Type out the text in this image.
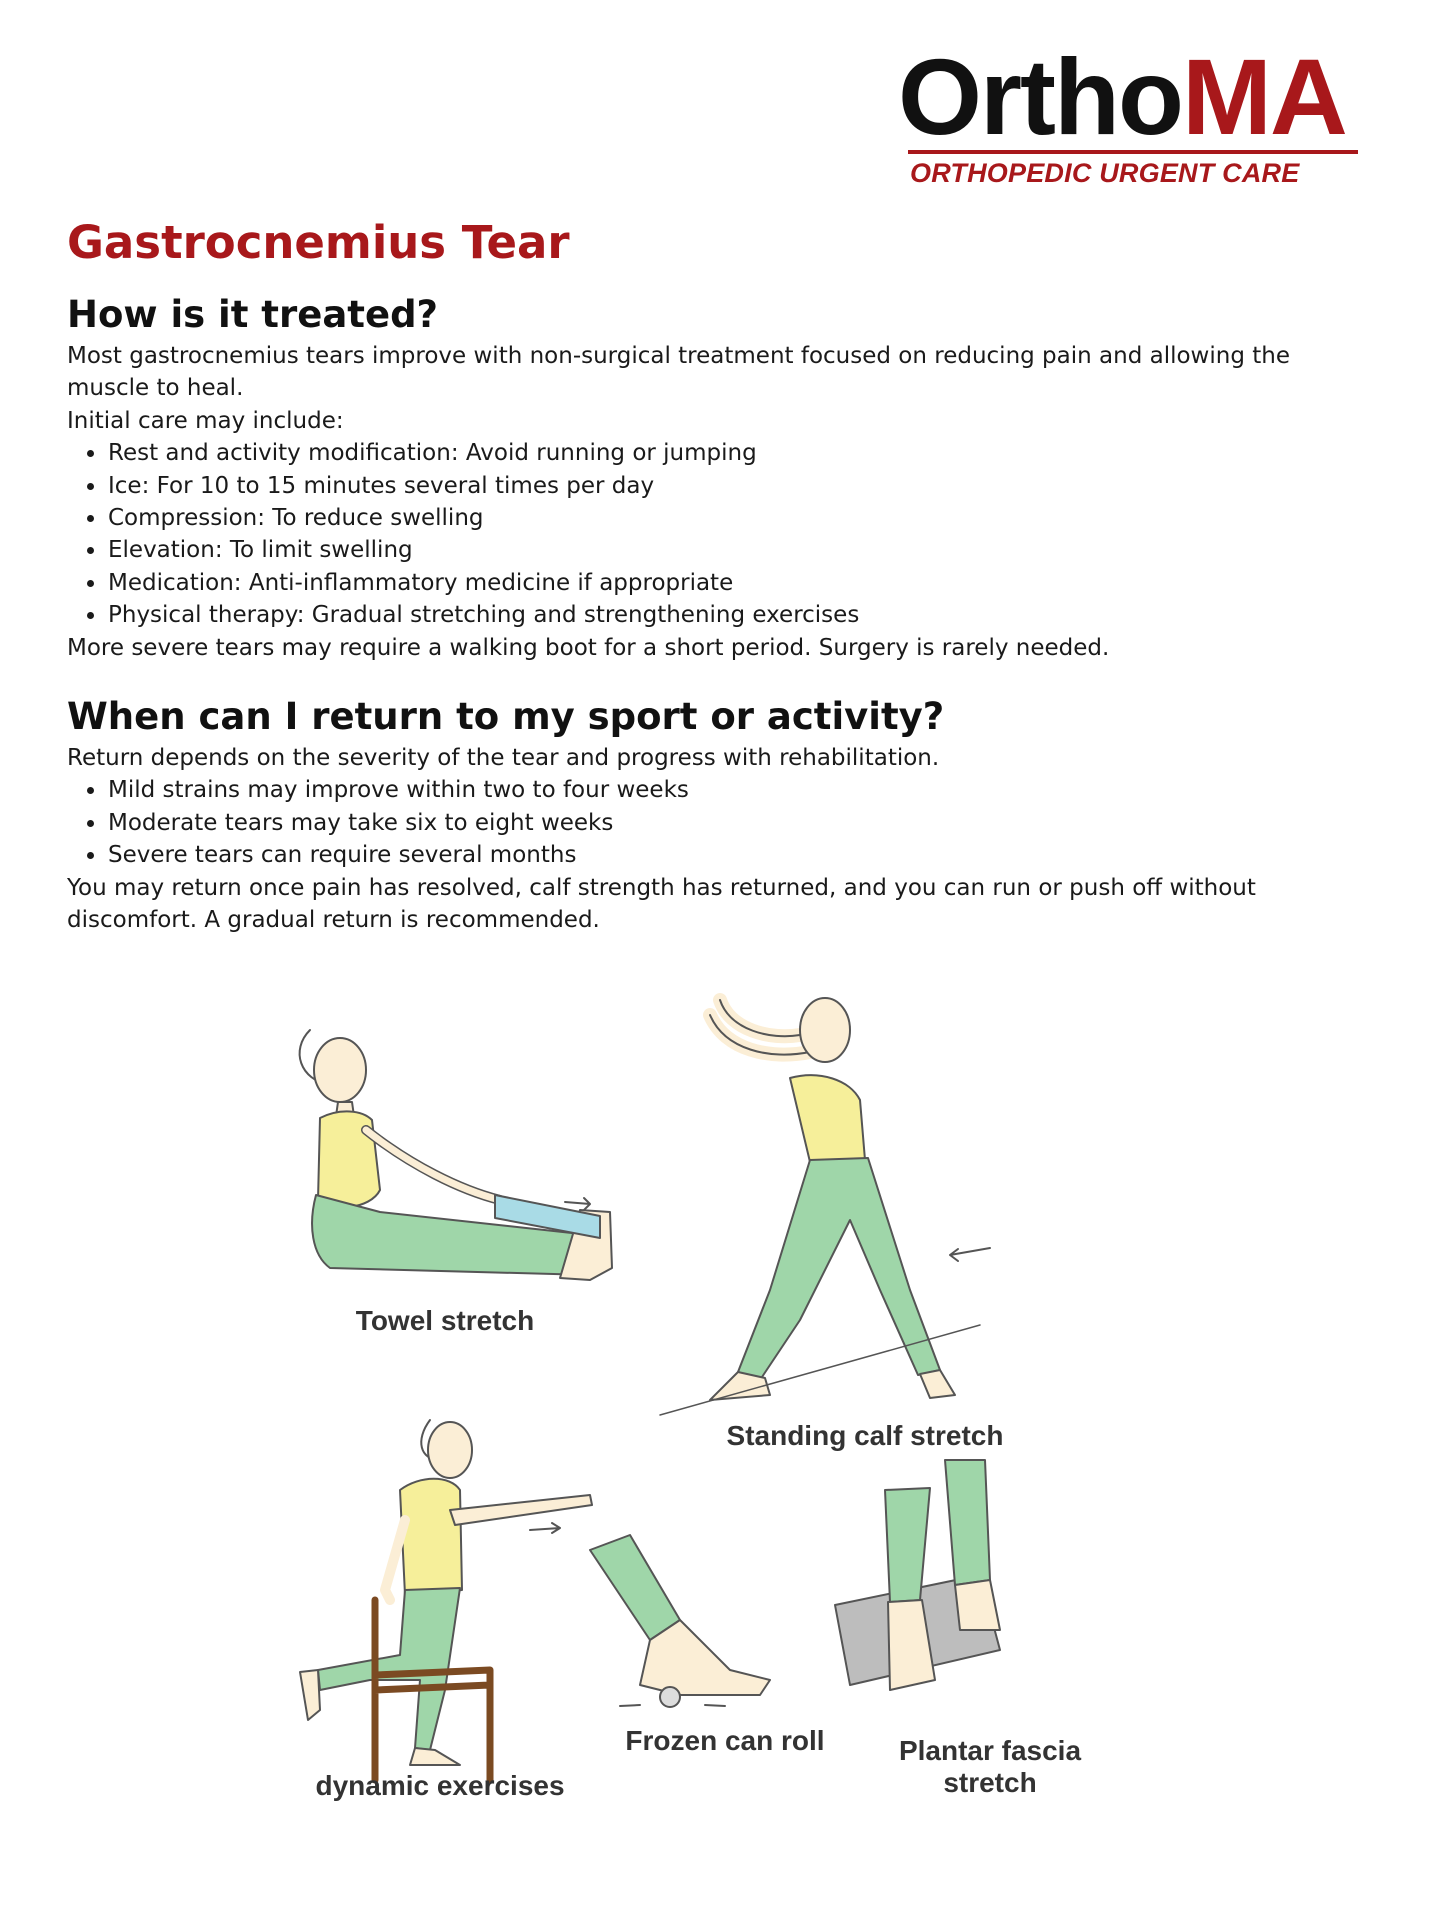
OrthoMA
ORTHOPEDIC URGENT CARE
Gastrocnemius Tear
How is it treated?

Most gastrocnemius tears improve with non-surgical treatment focused on reducing pain and allowing the muscle to heal.

Initial care may include:

• Rest and activity modification: Avoid running or jumping
• Ice: For 10 to 15 minutes several times per day
• Compression: To reduce swelling
• Elevation: To limit swelling
• Medication: Anti-inflammatory medicine if appropriate
• Physical therapy: Gradual stretching and strengthening exercises

More severe tears may require a walking boot for a short period. Surgery is rarely needed.

When can I return to my sport or activity?

Return depends on the severity of the tear and progress with rehabilitation.

• Mild strains may improve within two to four weeks
• Moderate tears may take six to eight weeks
• Severe tears can require several months

You may return once pain has resolved, calf strength has returned, and you can run or push off without discomfort. A gradual return is recommended.

Towel stretch
Standing calf stretch
dynamic exercises
Frozen can roll	Plantar fascia
stretch
